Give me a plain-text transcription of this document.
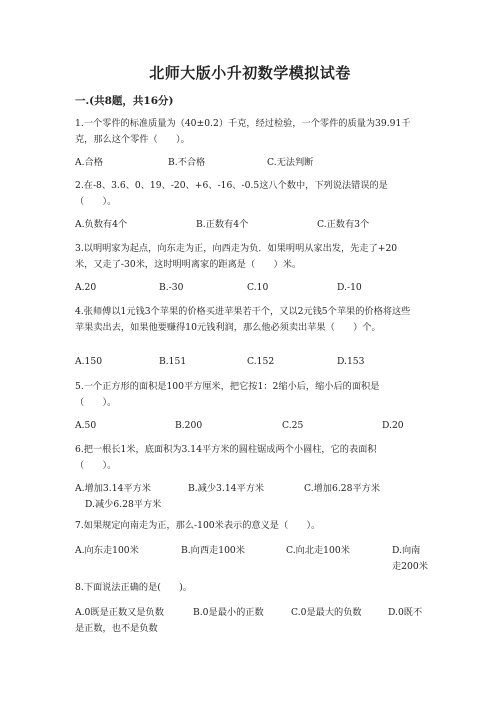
北师大版小升初数学模拟试卷
一.(共8题，共16分)
1.一个零件的标准质量为（40±0.2）千克，经过检验，一个零件的质量为39.91千克，那么这个零件（　　）。
A.合格	B.不合格	C.无法判断
2.在-8、3.6、0、19、-20、+6、-16、-0.5这八个数中，下列说法错误的是（　　）。
A.负数有4个	B.正数有4个	C.正数有3个
3.以明明家为起点，向东走为正，向西走为负．如果明明从家出发，先走了+20米，又走了-30米，这时明明离家的距离是（　　）米。
A.20	B.-30	C.10	D.-10
4.张师傅以1元钱3个苹果的价格买进苹果若干个，又以2元钱5个苹果的价格将这些苹果卖出去，如果他要赚得10元钱利润，那么他必须卖出苹果（　　）个。
A.150	B.151	C.152	D.153
5.一个正方形的面积是100平方厘米，把它按1：2缩小后，缩小后的面积是（　　）。
A.50	B.200	C.25	D.20
6.把一根长1米，底面积为3.14平方米的圆柱锯成两个小圆柱，它的表面积（　　）。
A.增加3.14平方米	B.减少3.14平方米	C.增加6.28平方米
D.减少6.28平方米
7.如果规定向南走为正，那么-100米表示的意义是（　　）。
A.向东走100米	B.向西走100米	C.向北走100米	D.向南走200米
8.下面说法正确的是(　　)。
A.0既是正数又是负数	B.0是最小的正数	C.0是最大的负数	D.0既不是正数，也不是负数
